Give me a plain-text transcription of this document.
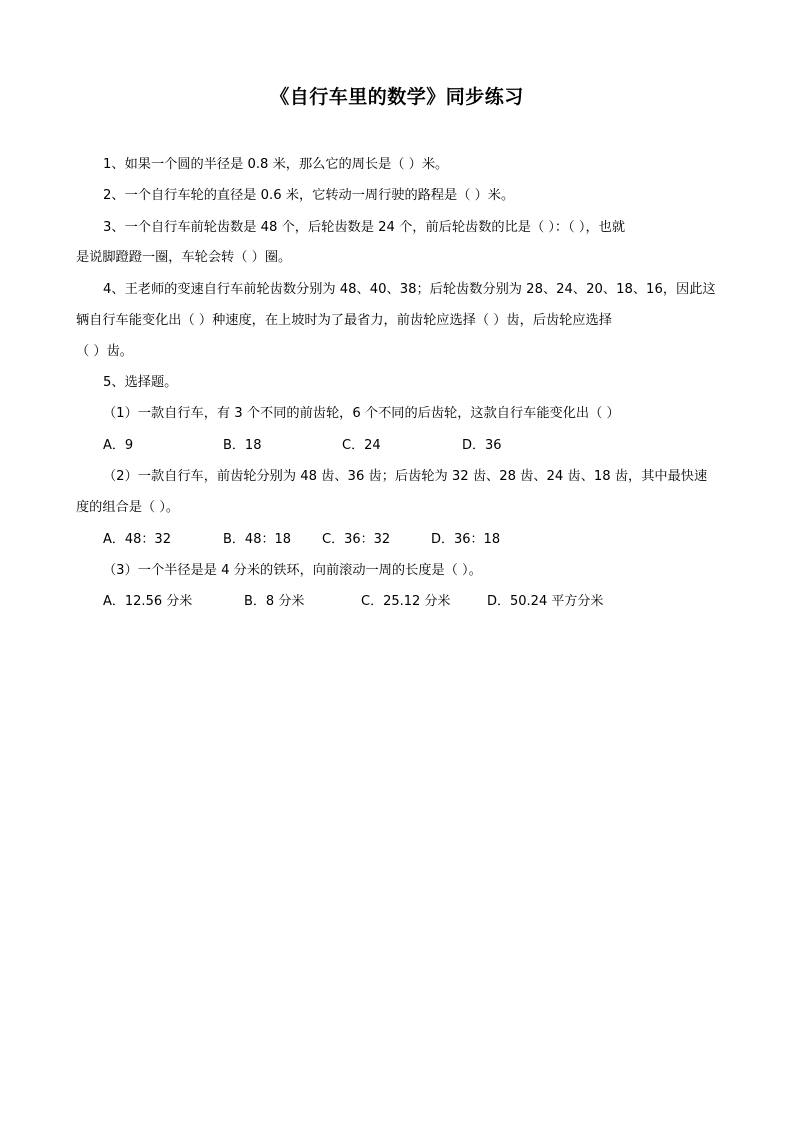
《自行车里的数学》同步练习
1、如果一个圆的半径是 0.8 米，那么它的周长是（ ）米。
2、一个自行车轮的直径是 0.6 米，它转动一周行驶的路程是（ ）米。
3、一个自行车前轮齿数是 48 个，后轮齿数是 24 个，前后轮齿数的比是（ ）：（ ），也就
是说脚蹬蹬一圈，车轮会转（ ）圈。
4、王老师的变速自行车前轮齿数分别为 48、40、38；后轮齿数分别为 28、24、20、18、16，因此这
辆自行车能变化出（ ）种速度，在上坡时为了最省力，前齿轮应选择（ ）齿，后齿轮应选择
（ ）齿。
5、选择题。
（1）一款自行车，有 3 个不同的前齿轮，6 个不同的后齿轮，这款自行车能变化出（ ）
A．9	B．18	C．24	D．36
（2）一款自行车，前齿轮分别为 48 齿、36 齿；后齿轮为 32 齿、28 齿、24 齿、18 齿，其中最快速
度的组合是（ ）。
A．48：32	B．48：18 C．36：32	D．36：18
（3）一个半径是是 4 分米的铁环，向前滚动一周的长度是（ ）。
A．12.56 分米	B．8 分米	C．25.12 分米	D．50.24 平方分米
